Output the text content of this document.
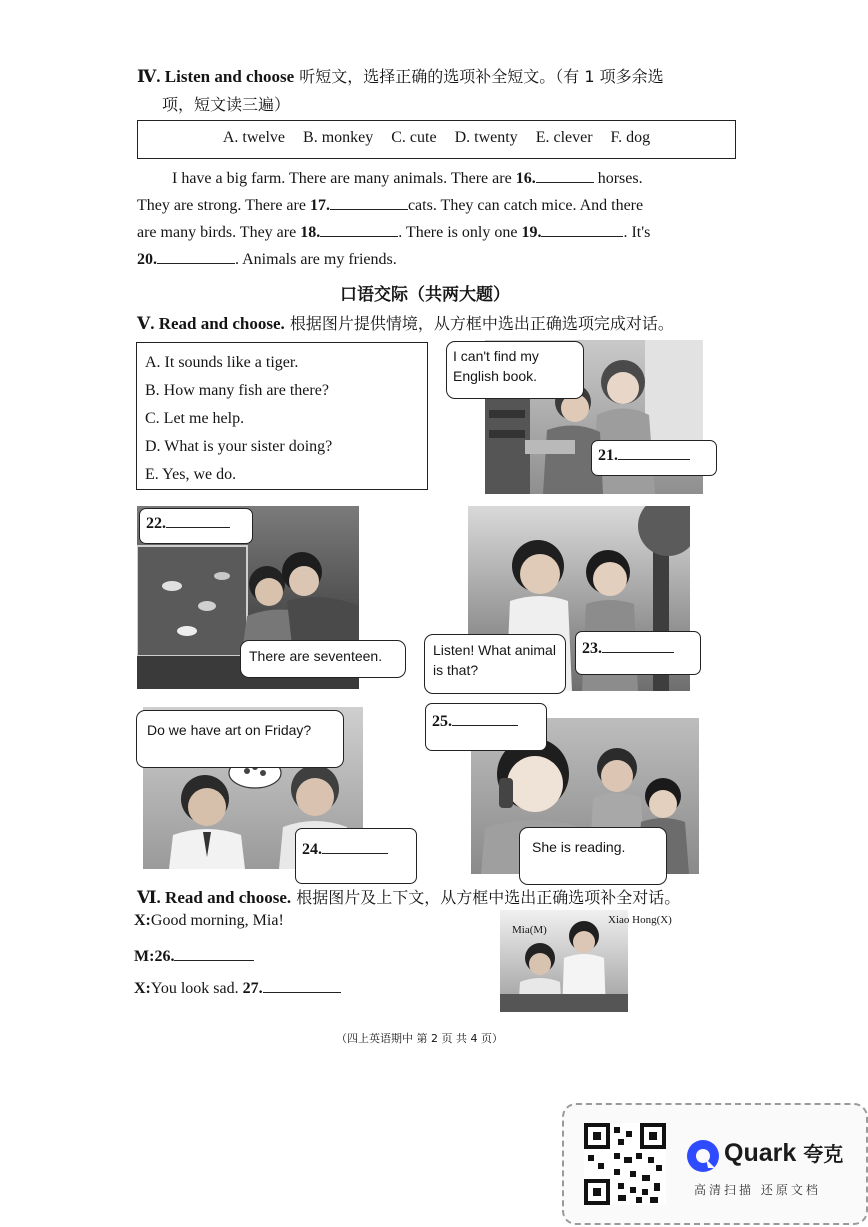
Ⅳ. Listen and choose 听短文，选择正确的选项补全短文。（有 1 项多余选
项，短文读三遍）
A. twelve B. monkey C. cute D. twenty E. clever F. dog
I have a big farm. There are many animals. There are 16.	horses.
They are strong. There are 17.	cats. They can catch mice. And there
are many birds. They are 18.	. There is only one 19.	. It's
20.	. Animals are my friends.
口语交际（共两大题）
Ⅴ. Read and choose. 根据图片提供情境，从方框中选出正确选项完成对话。
A. It sounds like a tiger.
B. How many fish are there?
C. Let me help.
D. What is your sister doing?
E. Yes, we do.
I can't find my English book.
21.
22.
There are seventeen.	Listen! What animal is that?
23.
Do we have art on Friday?
24.
25.
She is reading.
Ⅵ. Read and choose. 根据图片及上下文，从方框中选出正确选项补全对话。
X:Good morning, Mia!
M:26.
X:You look sad. 27.
Mia(M)
Xiao Hong(X)
（四上英语期中 第 2 页 共 4 页）
Quark 夸克
高清扫描 还原文档
